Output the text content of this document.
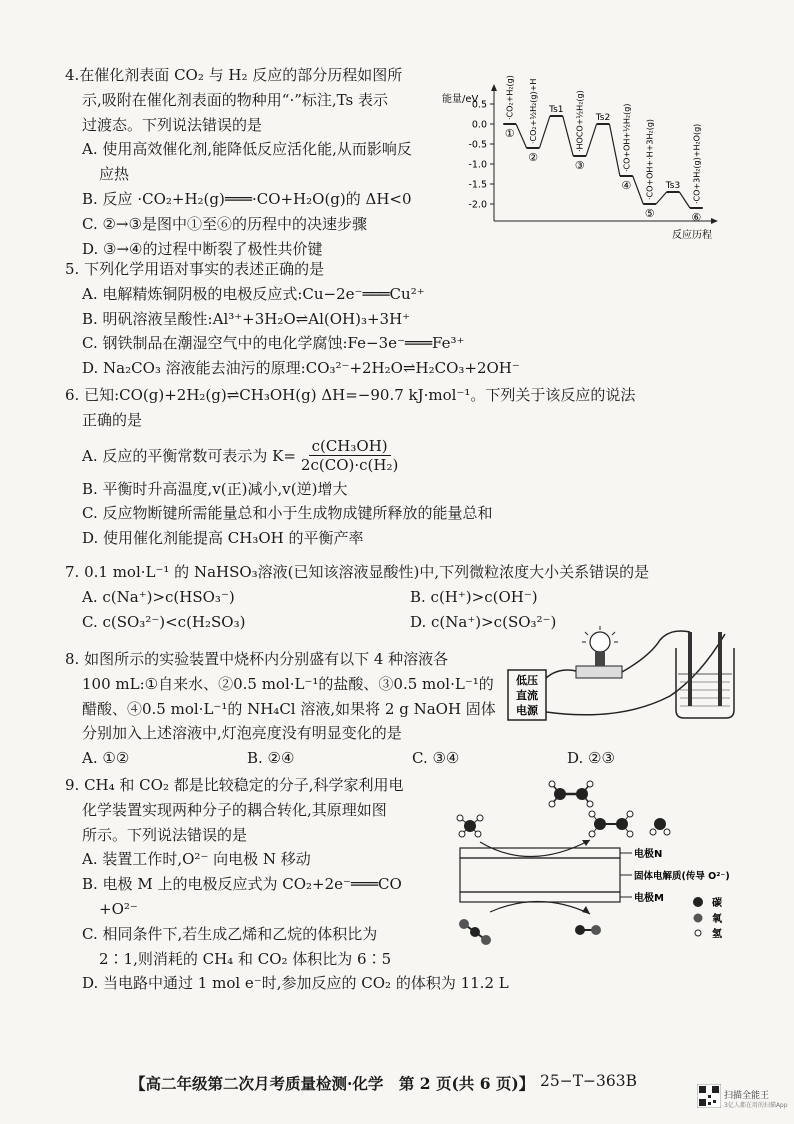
4.在催化剂表面 CO₂ 与 H₂ 反应的部分历程如图所
示,吸附在催化剂表面的物种用“·”标注,Ts 表示
过渡态。下列说法错误的是
A. 使用高效催化剂,能降低反应活化能,从而影响反
应热
B. 反应 ·CO₂+H₂(g)═══·CO+H₂O(g)的 ΔH<0
C. ②→③是图中①至⑥的历程中的决速步骤
D. ③→④的过程中断裂了极性共价键
能量/eV
反应历程
0.5
0.0
-0.5
-1.0
-1.5
-2.0
①
·CO₂+H₂(g)
②
·CO₂+½H₂(g)+H Ts1
③
·HOCO+½H₂(g) Ts2
④
·CO+OH+½H₂(g)
⑤
·CO+OH+·H+3H₂(g) Ts3
⑥
·CO+3H₂(g)+H₂O(g)
5. 下列化学用语对事实的表述正确的是
A. 电解精炼铜阴极的电极反应式:Cu−2e⁻═══Cu²⁺
B. 明矾溶液呈酸性:Al³⁺+3H₂O⇌Al(OH)₃+3H⁺
C. 钢铁制品在潮湿空气中的电化学腐蚀:Fe−3e⁻═══Fe³⁺
D. Na₂CO₃ 溶液能去油污的原理:CO₃²⁻+2H₂O⇌H₂CO₃+2OH⁻
6. 已知:CO(g)+2H₂(g)⇌CH₃OH(g) ΔH=−90.7 kJ·mol⁻¹。下列关于该反应的说法
正确的是
A. 反应的平衡常数可表示为 $K= \frac{\text{c(CH₃OH)}}{\text{2c(CO)·c(H₂)}}$
B. 平衡时升高温度,v(正)减小,v(逆)增大
C. 反应物断键所需能量总和小于生成物成键所释放的能量总和
D. 使用催化剂能提高 CH₃OH 的平衡产率
7. 0.1 mol·L⁻¹ 的 NaHSO₃溶液(已知该溶液显酸性)中,下列微粒浓度大小关系错误的是
A. c(Na⁺)>c(HSO₃⁻)	B. c(H⁺)>c(OH⁻)
C. c(SO₃²⁻)<c(H₂SO₃)	D. c(Na⁺)>c(SO₃²⁻)
8. 如图所示的实验装置中烧杯内分别盛有以下 4 种溶液各
100 mL:①自来水、②0.5 mol·L⁻¹的盐酸、③0.5 mol·L⁻¹的
醋酸、④0.5 mol·L⁻¹的 NH₄Cl 溶液,如果将 2 g NaOH 固体
分别加入上述溶液中,灯泡亮度没有明显变化的是
A. ①②	B. ②④	C. ③④	D. ②③
低压
直流
电源
9. CH₄ 和 CO₂ 都是比较稳定的分子,科学家利用电
化学装置实现两种分子的耦合转化,其原理如图
所示。下列说法错误的是
A. 装置工作时,O²⁻ 向电极 N 移动
B. 电极 M 上的电极反应式为 CO₂+2e⁻═══CO
+O²⁻
C. 相同条件下,若生成乙烯和乙烷的体积比为
2∶1,则消耗的 CH₄ 和 CO₂ 体积比为 6∶5
D. 当电路中通过 1 mol e⁻时,参加反应的 CO₂ 的体积为 11.2 L
电极N
固体电解质(传导 O²⁻)
电极M	碳
氧
氢
【高二年级第二次月考质量检测·化学　第 2 页(共 6 页)】 25−T−363B
扫描全能王
3亿人都在用的扫描App
